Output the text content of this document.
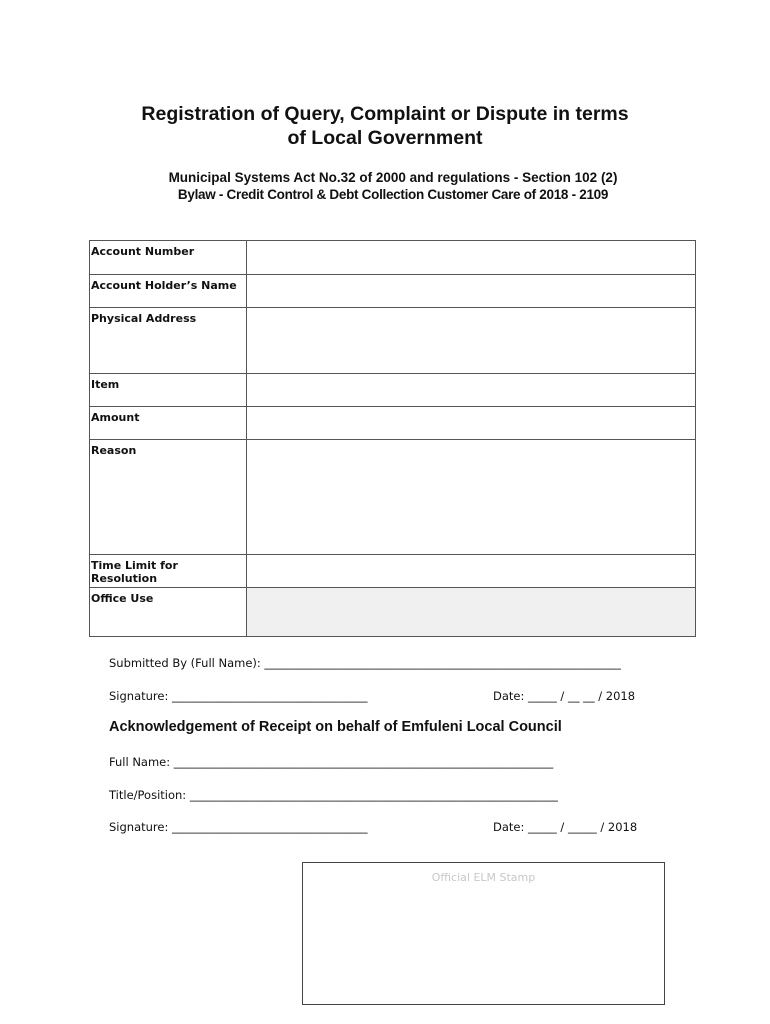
Registration of Query, Complaint or Dispute in terms
of Local Government
Municipal Systems Act No.32 of 2000 and regulations - Section 102 (2)
Bylaw - Credit Control & Debt Collection Customer Care of 2018 - 2109
Account Number	
Account Holder’s Name	
Physical Address	
Item	
Amount	
Reason	
Time Limit for Resolution	
Office Use	
Submitted By (Full Name): ______________________________________________________________
Signature: __________________________________	Date: _____ / __ __ / 2018
Acknowledgement of Receipt on behalf of Emfuleni Local Council
Full Name: __________________________________________________________________
Title/Position: ________________________________________________________________
Signature: __________________________________	Date: _____ / _____ / 2018
Official ELM Stamp
